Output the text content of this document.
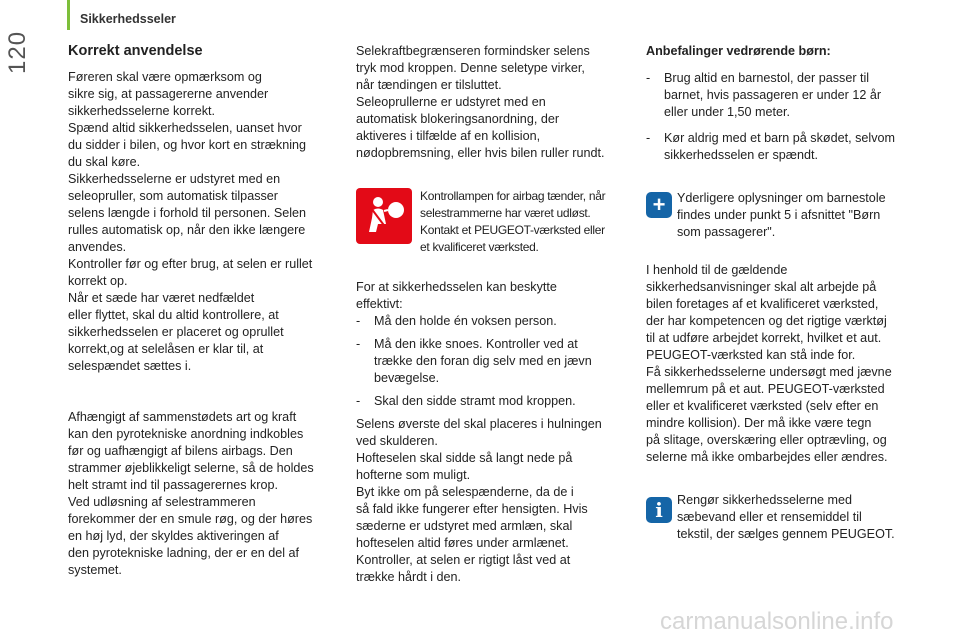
Sikkerhedsseler
120	Korrekt anvendelse
Føreren skal være opmærksom og
sikre sig, at passagererne anvender
sikkerhedsselerne korrekt.
Spænd altid sikkerhedsselen, uanset hvor
du sidder i bilen, og hvor kort en strækning
du skal køre.
Sikkerhedsselerne er udstyret med en
seleopruller, som automatisk tilpasser
selens længde i forhold til personen. Selen
rulles automatisk op, når den ikke længere
anvendes.
Kontroller før og efter brug, at selen er rullet
korrekt op.
Når et sæde har været nedfældet
eller flyttet, skal du altid kontrollere, at
sikkerhedsselen er placeret og oprullet
korrekt,og at selelåsen er klar til, at
selespændet sættes i.
Afhængigt af sammenstødets art og kraft
kan den pyrotekniske anordning indkobles
før og uafhængigt af bilens airbags. Den
strammer øjeblikkeligt selerne, så de holdes
helt stramt ind til passagerernes krop.
Ved udløsning af selestrammeren
forekommer der en smule røg, og der høres
en høj lyd, der skyldes aktiveringen af
den pyrotekniske ladning, der er en del af
systemet.
Selekraftbegrænseren formindsker selens
tryk mod kroppen. Denne seletype virker,
når tændingen er tilsluttet.
Seleoprullerne er udstyret med en
automatisk blokeringsanordning, der
aktiveres i tilfælde af en kollision,
nødopbremsning, eller hvis bilen ruller rundt.
Kontrollampen for airbag tænder, når
selestrammerne har været udløst.
Kontakt et PEUGEOT-værksted eller
et kvalificeret værksted.
For at sikkerhedsselen kan beskytte
effektivt:
- Må den holde én voksen person.
- Må den ikke snoes. Kontroller ved at
trække den foran dig selv med en jævn
bevægelse.
- Skal den sidde stramt mod kroppen.
Selens øverste del skal placeres i hulningen
ved skulderen.
Hofteselen skal sidde så langt nede på
hofterne som muligt.
Byt ikke om på selespænderne, da de i
så fald ikke fungerer efter hensigten. Hvis
sæderne er udstyret med armlæn, skal
hofteselen altid føres under armlænet.
Kontroller, at selen er rigtigt låst ved at
trække hårdt i den.
Anbefalinger vedrørende børn:
- Brug altid en barnestol, der passer til
barnet, hvis passageren er under 12 år
eller under 1,50 meter.
- Kør aldrig med et barn på skødet, selvom
sikkerhedsselen er spændt.
+ Yderligere oplysninger om barnestole
findes under punkt 5 i afsnittet "Børn
som passagerer".
I henhold til de gældende
sikkerhedsanvisninger skal alt arbejde på
bilen foretages af et kvalificeret værksted,
der har kompetencen og det rigtige værktøj
til at udføre arbejdet korrekt, hvilket et aut.
PEUGEOT-værksted kan stå inde for.
Få sikkerhedsselerne undersøgt med jævne
mellemrum på et aut. PEUGEOT-værksted
eller et kvalificeret værksted (selv efter en
mindre kollision). Der må ikke være tegn
på slitage, overskæring eller optrævling, og
selerne må ikke ombarbejdes eller ændres.
i	Rengør sikkerhedsselerne med
sæbevand eller et rensemiddel til
tekstil, der sælges gennem PEUGEOT.
carmanualsonline.info
